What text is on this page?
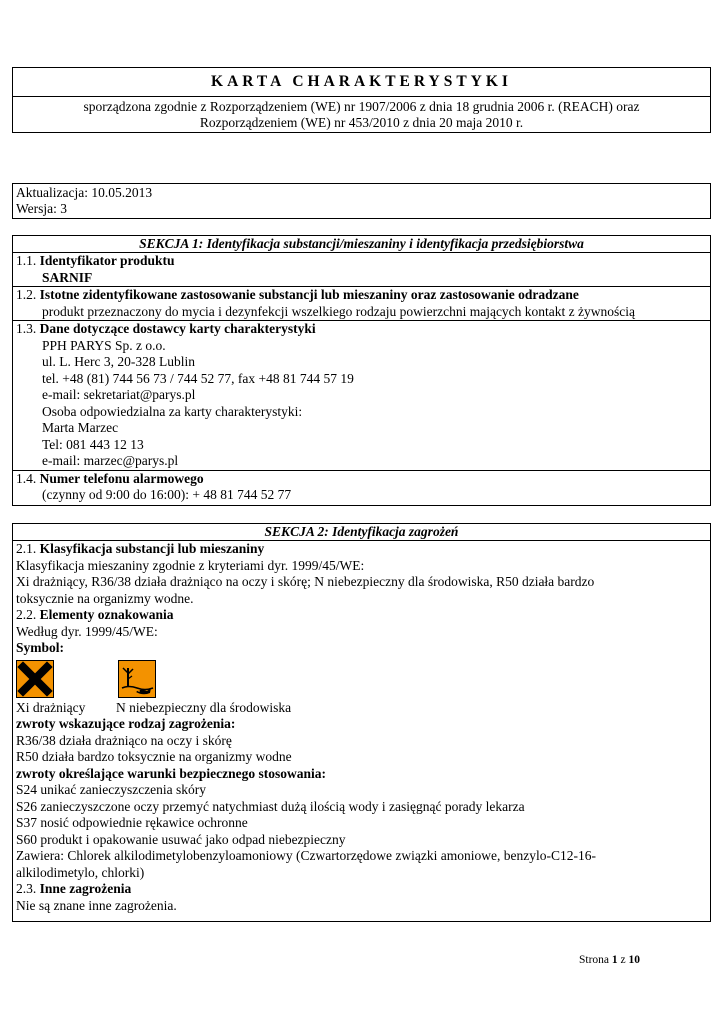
KARTA CHARAKTERYSTYKI
sporządzona zgodnie z Rozporządzeniem (WE) nr 1907/2006 z dnia 18 grudnia 2006 r. (REACH) oraz
Rozporządzeniem (WE) nr 453/2010 z dnia 20 maja 2010 r.
Aktualizacja: 10.05.2013
Wersja: 3
SEKCJA 1: Identyfikacja substancji/mieszaniny i identyfikacja przedsiębiorstwa
1.1. Identyfikator produktu
SARNIF
1.2. Istotne zidentyfikowane zastosowanie substancji lub mieszaniny oraz zastosowanie odradzane
produkt przeznaczony do mycia i dezynfekcji wszelkiego rodzaju powierzchni mających kontakt z żywnością
1.3. Dane dotyczące dostawcy karty charakterystyki
PPH PARYS Sp. z o.o.
ul. L. Herc 3, 20-328 Lublin
tel. +48 (81) 744 56 73 / 744 52 77, fax +48 81 744 57 19
e-mail: sekretariat@parys.pl
Osoba odpowiedzialna za karty charakterystyki:
Marta Marzec
Tel: 081 443 12 13
e-mail: marzec@parys.pl
1.4. Numer telefonu alarmowego
(czynny od 9:00 do 16:00): + 48 81 744 52 77
SEKCJA 2: Identyfikacja zagrożeń
2.1. Klasyfikacja substancji lub mieszaniny
Klasyfikacja mieszaniny zgodnie z kryteriami dyr. 1999/45/WE:
Xi drażniący, R36/38 działa drażniąco na oczy i skórę; N niebezpieczny dla środowiska, R50 działa bardzo
toksycznie na organizmy wodne.
2.2. Elementy oznakowania
Według dyr. 1999/45/WE:
Symbol:
Xi drażniący N niebezpieczny dla środowiska
zwroty wskazujące rodzaj zagrożenia:
R36/38 działa drażniąco na oczy i skórę
R50 działa bardzo toksycznie na organizmy wodne
zwroty określające warunki bezpiecznego stosowania:
S24 unikać zanieczyszczenia skóry
S26 zanieczyszczone oczy przemyć natychmiast dużą ilością wody i zasięgnąć porady lekarza
S37 nosić odpowiednie rękawice ochronne
S60 produkt i opakowanie usuwać jako odpad niebezpieczny
Zawiera: Chlorek alkilodimetylobenzyloamoniowy (Czwartorzędowe związki amoniowe, benzylo-C12-16-
alkilodimetylo, chlorki)
2.3. Inne zagrożenia
Nie są znane inne zagrożenia.
Strona 1 z 10
